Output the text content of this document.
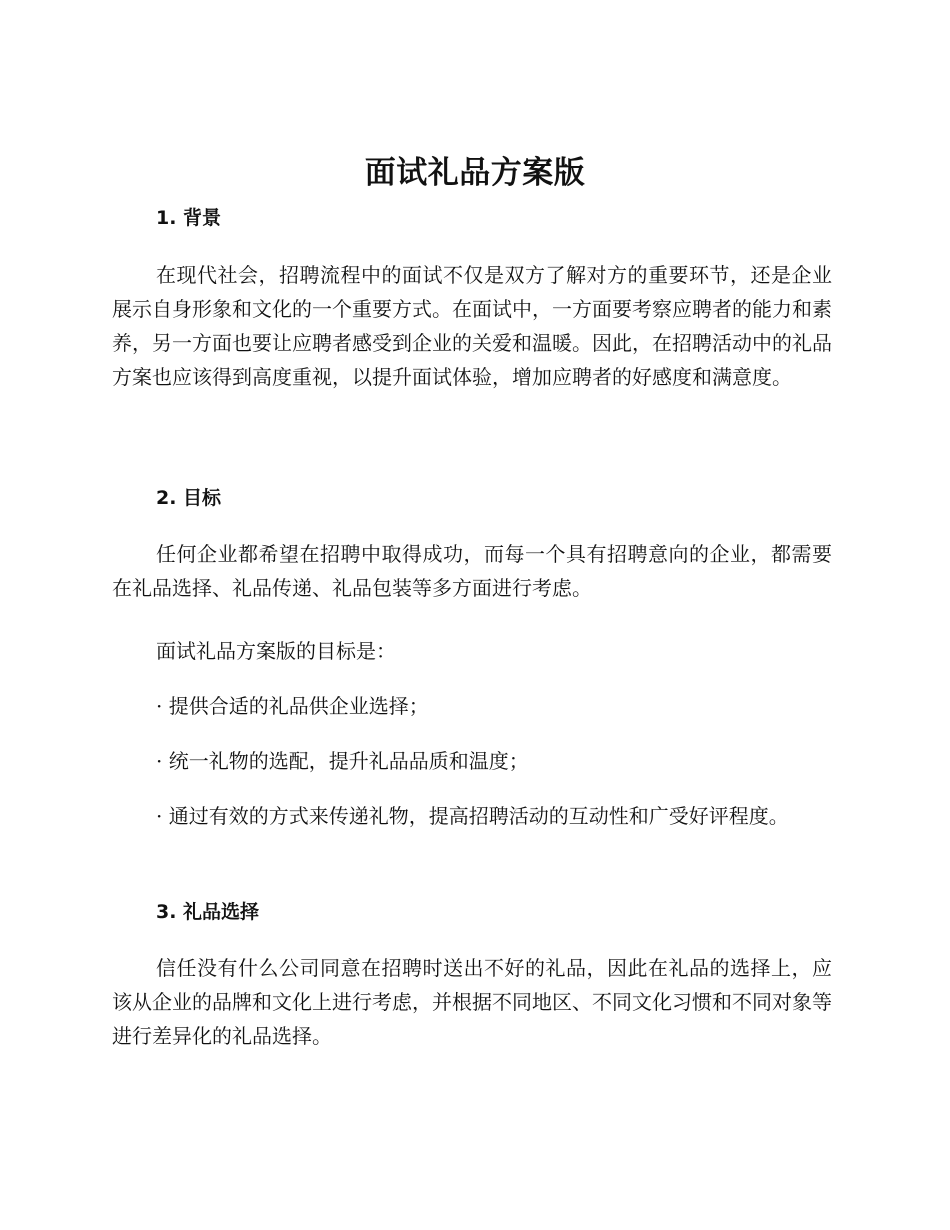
面试礼品方案版
1. 背景

在现代社会，招聘流程中的面试不仅是双方了解对方的重要环节，还是企业展示自身形象和文化的一个重要方式。在面试中，一方面要考察应聘者的能力和素养，另一方面也要让应聘者感受到企业的关爱和温暖。因此，在招聘活动中的礼品方案也应该得到高度重视，以提升面试体验，增加应聘者的好感度和满意度。

2. 目标

任何企业都希望在招聘中取得成功，而每一个具有招聘意向的企业，都需要在礼品选择、礼品传递、礼品包装等多方面进行考虑。

面试礼品方案版的目标是：

· 提供合适的礼品供企业选择；

· 统一礼物的选配，提升礼品品质和温度；

· 通过有效的方式来传递礼物，提高招聘活动的互动性和广受好评程度。

3. 礼品选择

信任没有什么公司同意在招聘时送出不好的礼品，因此在礼品的选择上，应该从企业的品牌和文化上进行考虑，并根据不同地区、不同文化习惯和不同对象等进行差异化的礼品选择。
